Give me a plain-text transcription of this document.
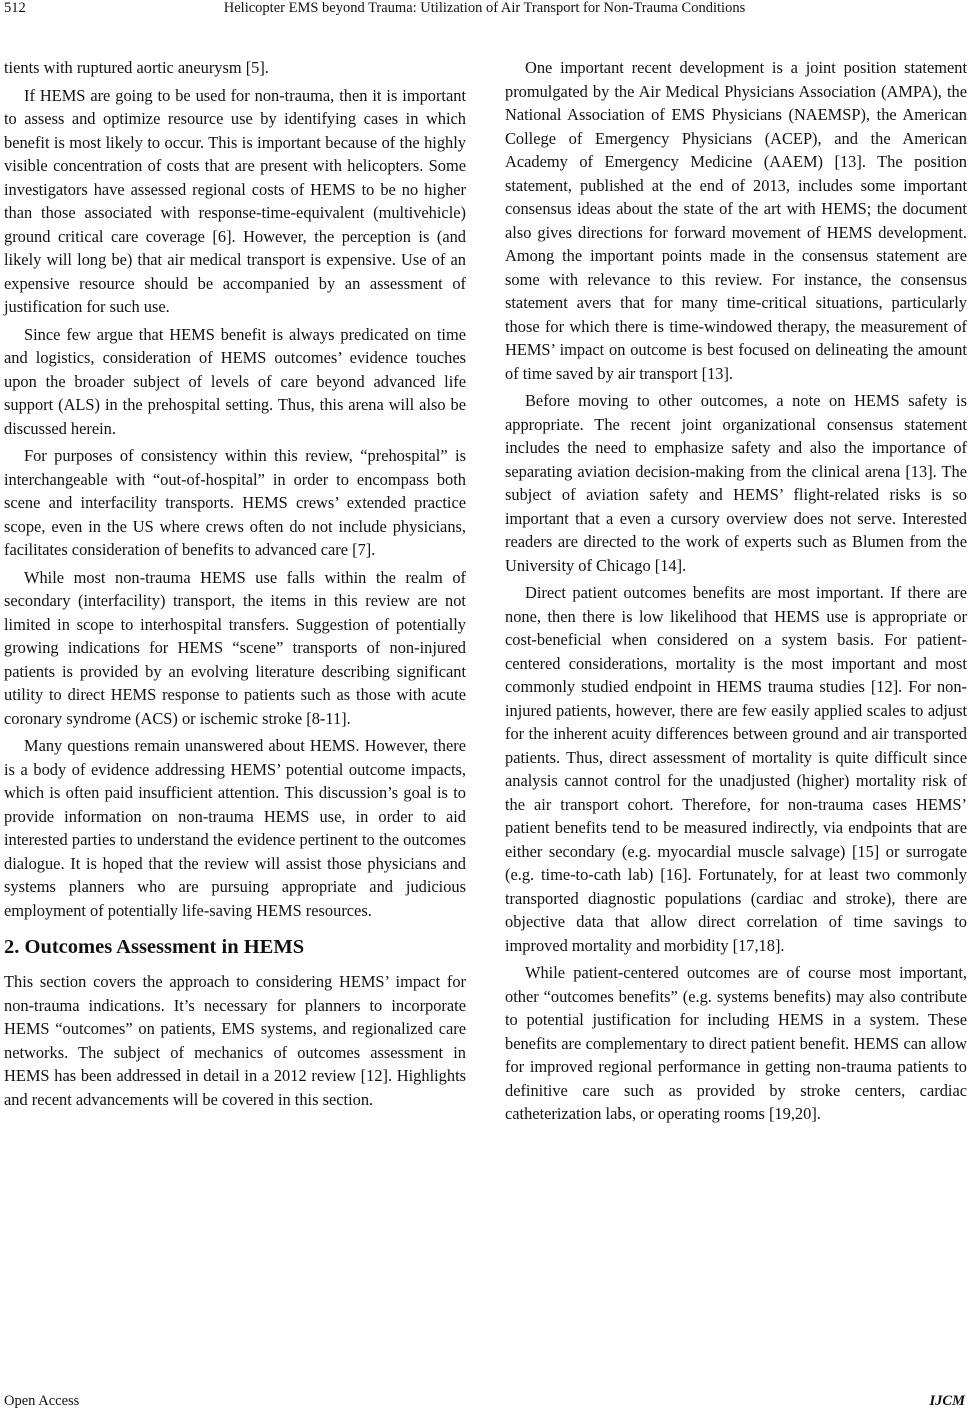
512	Helicopter EMS beyond Trauma: Utilization of Air Transport for Non-Trauma Conditions

tients with ruptured aortic aneurysm [5].

If HEMS are going to be used for non-trauma, then it is important to assess and optimize resource use by identifying cases in which benefit is most likely to occur. This is important because of the highly visible concentration of costs that are present with helicopters. Some investigators have assessed regional costs of HEMS to be no higher than those associated with response-time-equivalent (multivehicle) ground critical care coverage [6]. However, the perception is (and likely will long be) that air medical transport is expensive. Use of an expensive resource should be accompanied by an assessment of justification for such use.

Since few argue that HEMS benefit is always predicated on time and logistics, consideration of HEMS outcomes’ evidence touches upon the broader subject of levels of care beyond advanced life support (ALS) in the prehospital setting. Thus, this arena will also be discussed herein.

For purposes of consistency within this review, “prehospital” is interchangeable with “out-of-hospital” in order to encompass both scene and interfacility transports. HEMS crews’ extended practice scope, even in the US where crews often do not include physicians, facilitates consideration of benefits to advanced care [7].

While most non-trauma HEMS use falls within the realm of secondary (interfacility) transport, the items in this review are not limited in scope to interhospital transfers. Suggestion of potentially growing indications for HEMS “scene” transports of non-injured patients is provided by an evolving literature describing significant utility to direct HEMS response to patients such as those with acute coronary syndrome (ACS) or ischemic stroke [8-11].

Many questions remain unanswered about HEMS. However, there is a body of evidence addressing HEMS’ potential outcome impacts, which is often paid insufficient attention. This discussion’s goal is to provide information on non-trauma HEMS use, in order to aid interested parties to understand the evidence pertinent to the outcomes dialogue. It is hoped that the review will assist those physicians and systems planners who are pursuing appropriate and judicious employment of potentially life-saving HEMS resources.

2. Outcomes Assessment in HEMS

This section covers the approach to considering HEMS’ impact for non-trauma indications. It’s necessary for planners to incorporate HEMS “outcomes” on patients, EMS systems, and regionalized care networks. The subject of mechanics of outcomes assessment in HEMS has been addressed in detail in a 2012 review [12]. Highlights and recent advancements will be covered in this section.

One important recent development is a joint position statement promulgated by the Air Medical Physicians Association (AMPA), the National Association of EMS Physicians (NAEMSP), the American College of Emergency Physicians (ACEP), and the American Academy of Emergency Medicine (AAEM) [13]. The position statement, published at the end of 2013, includes some important consensus ideas about the state of the art with HEMS; the document also gives directions for forward movement of HEMS development. Among the important points made in the consensus statement are some with relevance to this review. For instance, the consensus statement avers that for many time-critical situations, particularly those for which there is time-windowed therapy, the measurement of HEMS’ impact on outcome is best focused on delineating the amount of time saved by air transport [13].

Before moving to other outcomes, a note on HEMS safety is appropriate. The recent joint organizational consensus statement includes the need to emphasize safety and also the importance of separating aviation decision-making from the clinical arena [13]. The subject of aviation safety and HEMS’ flight-related risks is so important that a even a cursory overview does not serve. Interested readers are directed to the work of experts such as Blumen from the University of Chicago [14].

Direct patient outcomes benefits are most important. If there are none, then there is low likelihood that HEMS use is appropriate or cost-beneficial when considered on a system basis. For patient-centered considerations, mortality is the most important and most commonly studied endpoint in HEMS trauma studies [12]. For non-injured patients, however, there are few easily applied scales to adjust for the inherent acuity differences between ground and air transported patients. Thus, direct assessment of mortality is quite difficult since analysis cannot control for the unadjusted (higher) mortality risk of the air transport cohort. Therefore, for non-trauma cases HEMS’ patient benefits tend to be measured indirectly, via endpoints that are either secondary (e.g. myocardial muscle salvage) [15] or surrogate (e.g. time-to-cath lab) [16]. Fortunately, for at least two commonly transported diagnostic populations (cardiac and stroke), there are objective data that allow direct correlation of time savings to improved mortality and morbidity [17,18].

While patient-centered outcomes are of course most important, other “outcomes benefits” (e.g. systems benefits) may also contribute to potential justification for including HEMS in a system. These benefits are complementary to direct patient benefit. HEMS can allow for improved regional performance in getting non-trauma patients to definitive care such as provided by stroke centers, cardiac catheterization labs, or operating rooms [19,20].

Open Access	IJCM
